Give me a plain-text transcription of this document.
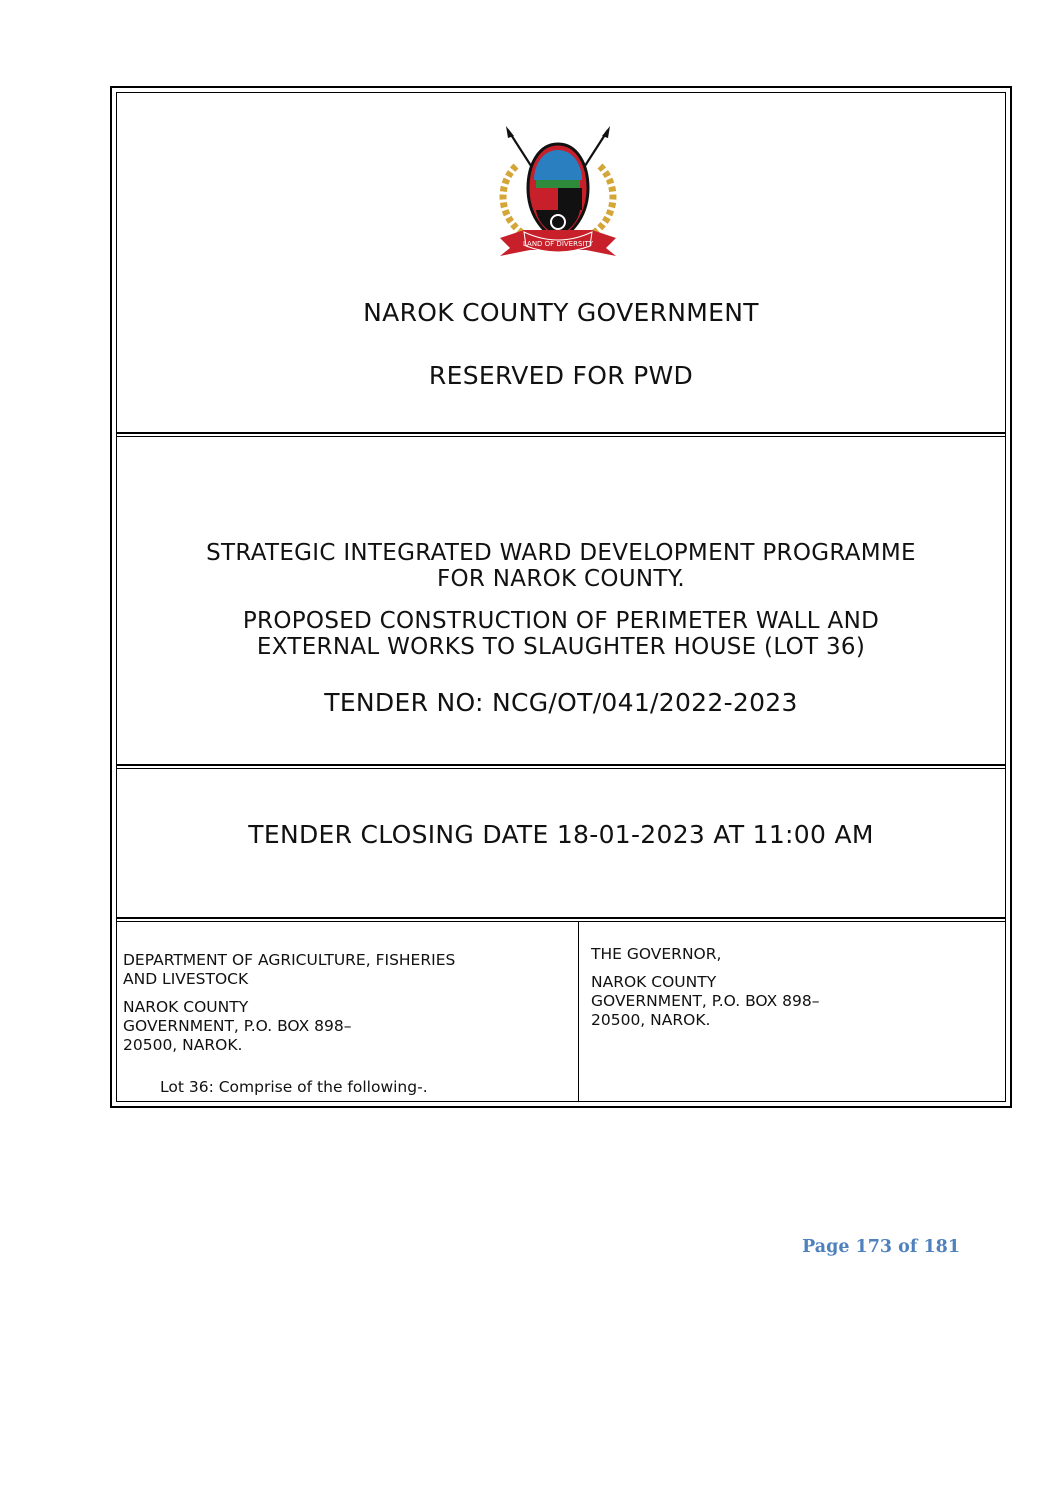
LAND OF DIVERSITY
NAROK COUNTY GOVERNMENT
RESERVED FOR PWD
STRATEGIC INTEGRATED WARD DEVELOPMENT PROGRAMME
FOR NAROK COUNTY.
PROPOSED CONSTRUCTION OF PERIMETER WALL AND
EXTERNAL WORKS TO SLAUGHTER HOUSE (LOT 36)
TENDER NO: NCG/OT/041/2022-2023
TENDER CLOSING DATE 18-01-2023 AT 11:00 AM

DEPARTMENT OF AGRICULTURE, FISHERIES

AND LIVESTOCK

NAROK COUNTY

GOVERNMENT, P.O. BOX 898–

20500, NAROK.

Lot 36: Comprise of the following-.

THE GOVERNOR,

NAROK COUNTY

GOVERNMENT, P.O. BOX 898–

20500, NAROK.

Page 173 of 181
